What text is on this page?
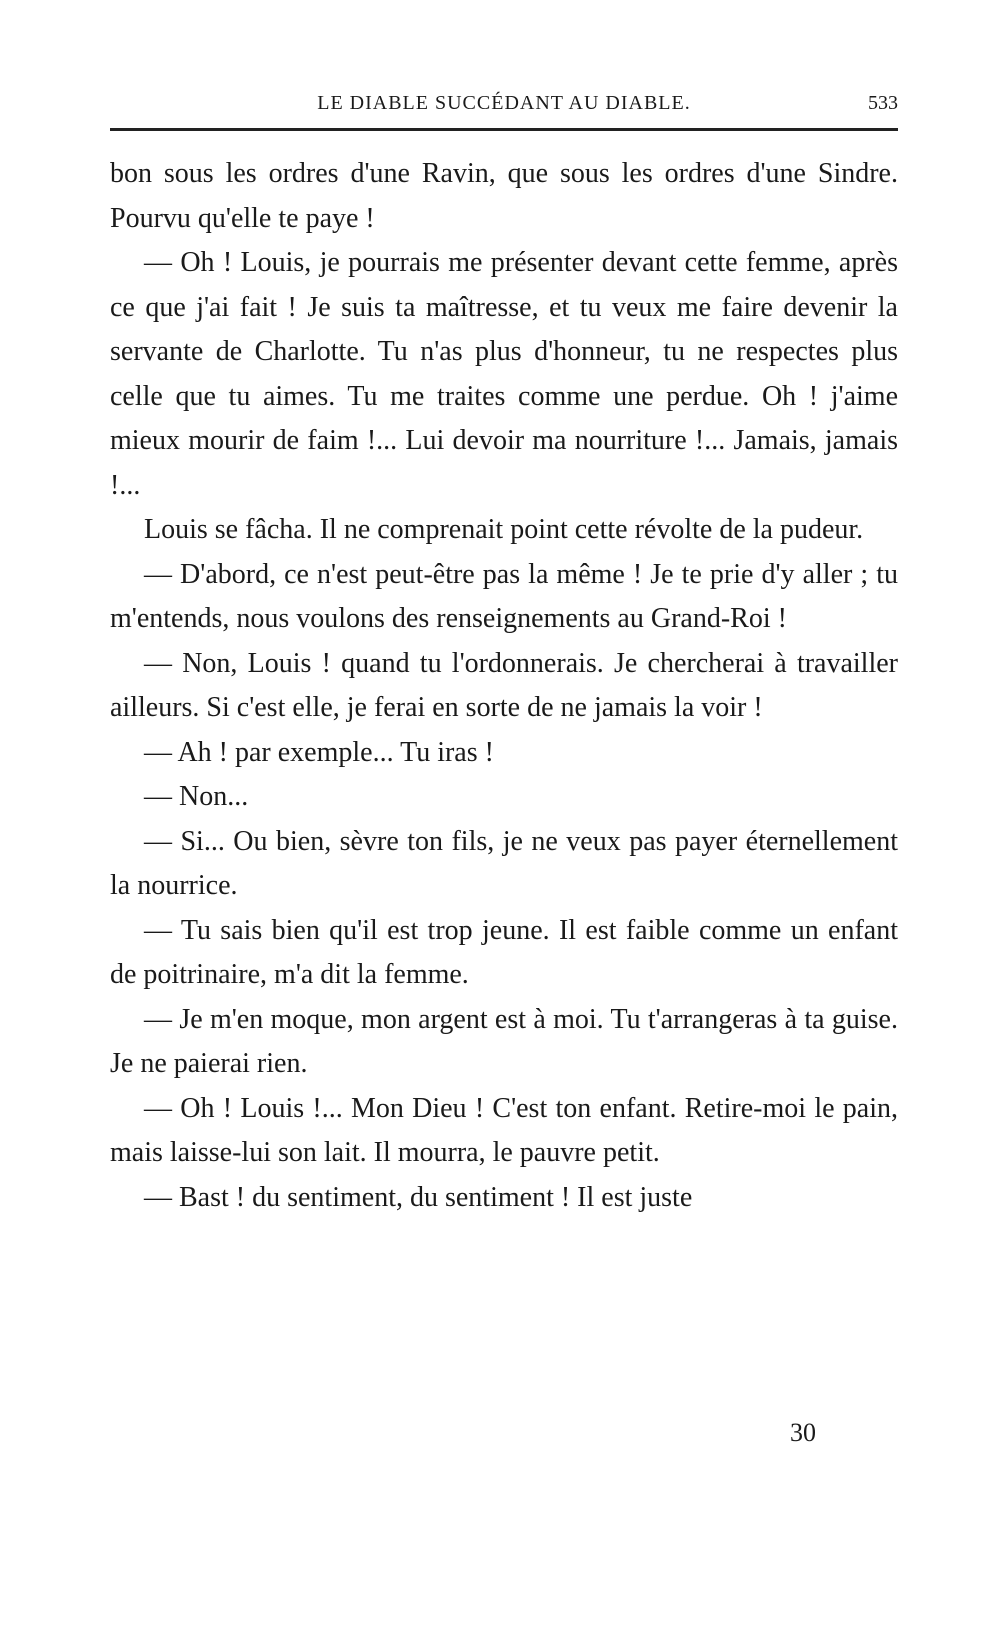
LE DIABLE SUCCÉDANT AU DIABLE.	533

bon sous les ordres d'une Ravin, que sous les ordres d'une Sindre. Pourvu qu'elle te paye !

— Oh ! Louis, je pourrais me présenter devant cette femme, après ce que j'ai fait ! Je suis ta maîtresse, et tu veux me faire devenir la servante de Charlotte. Tu n'as plus d'honneur, tu ne respectes plus celle que tu aimes. Tu me traites comme une perdue. Oh ! j'aime mieux mourir de faim !... Lui devoir ma nourriture !... Jamais, jamais !...

Louis se fâcha. Il ne comprenait point cette révolte de la pudeur.

— D'abord, ce n'est peut-être pas la même ! Je te prie d'y aller ; tu m'entends, nous voulons des renseignements au Grand-Roi !

— Non, Louis ! quand tu l'ordonnerais. Je chercherai à travailler ailleurs. Si c'est elle, je ferai en sorte de ne jamais la voir !

— Ah ! par exemple... Tu iras !

— Non...

— Si... Ou bien, sèvre ton fils, je ne veux pas payer éternellement la nourrice.

— Tu sais bien qu'il est trop jeune. Il est faible comme un enfant de poitrinaire, m'a dit la femme.

— Je m'en moque, mon argent est à moi. Tu t'arrangeras à ta guise. Je ne paierai rien.

— Oh ! Louis !... Mon Dieu ! C'est ton enfant. Retire-moi le pain, mais laisse-lui son lait. Il mourra, le pauvre petit.

— Bast ! du sentiment, du sentiment ! Il est juste

30
